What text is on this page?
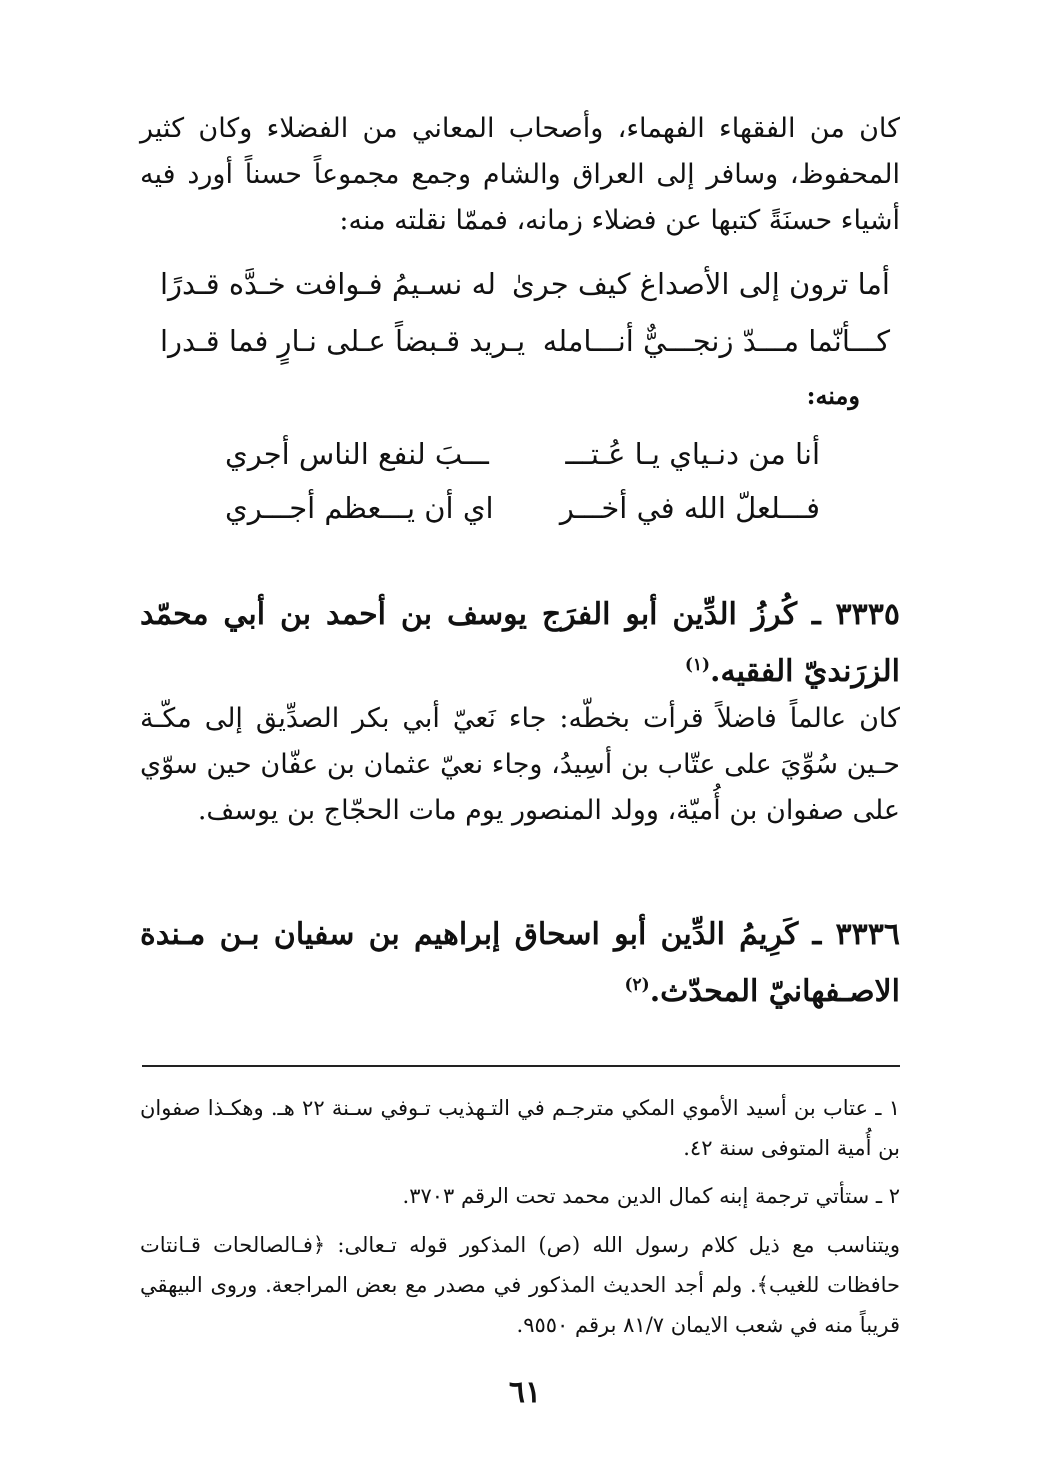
كان من الفقهاء الفهماء، وأصحاب المعاني من الفضلاء وكان كثير المحفوظ، وسافر إلى العراق والشام وجمع مجموعاً حسناً أورد فيه أشياء حسنَةً كتبها عن فضلاء زمانه، فممّا نقلته منه:
أما ترون إلى الأصداغ كيف جرىٰ
له نسـيمُ فـوافت خـدَّه قـدرًا
كـــأنّما مـــدّ زنجـــيٌّ أنـــامله
يـريد قـبضاً عـلى نـارٍ فما قـدرا
ومنه:
أنا من دنـياي يـا عُـتـــ
ـــبَ لنفع الناس أجري
فـــلعلّ الله في أخـــر
اي أن يـــعظم أجـــري
٣٣٣٥ ـ كُرزُ الدِّين أبو الفرَج يوسف بن أحمد بن أبي محمّد الزرَنديّ الفقيه.$^{(١)}$
كان عالماً فاضلاً قرأت بخطّه: جاء نَعيّ أبي بكر الصدِّيق إلى مكّـة حـين سُوِّيَ على عتّاب بن أسِيدُ، وجاء نعيّ عثمان بن عفّان حين سوّي على صفوان بن أُميّة، وولد المنصور يوم مات الحجّاج بن يوسف.
٣٣٣٦ ـ كَرِيمُ الدِّين أبو اسحاق إبراهيم بن سفيان بـن مـندة الاصـفهانيّ المحدّث.$^{(٢)}$
١ ـ عتاب بن أسيد الأموي المكي مترجـم في التـهذيب تـوفي سـنة ٢٢ هـ. وهكـذا صفوان بن أُمية المتوفى سنة ٤٢.
٢ ـ ستأتي ترجمة إبنه كمال الدين محمد تحت الرقم ٣٧٠٣.
ويتناسب مع ذيل كلام رسول الله (ص) المذكور قوله تـعالى: ﴿فـالصالحات قـانتات حافظات للغيب﴾. ولم أجد الحديث المذكور في مصدر مع بعض المراجعة. وروى البيهقي قريباً منه في شعب الايمان ٨١/٧ برقم ٩٥٥٠.
٦١
